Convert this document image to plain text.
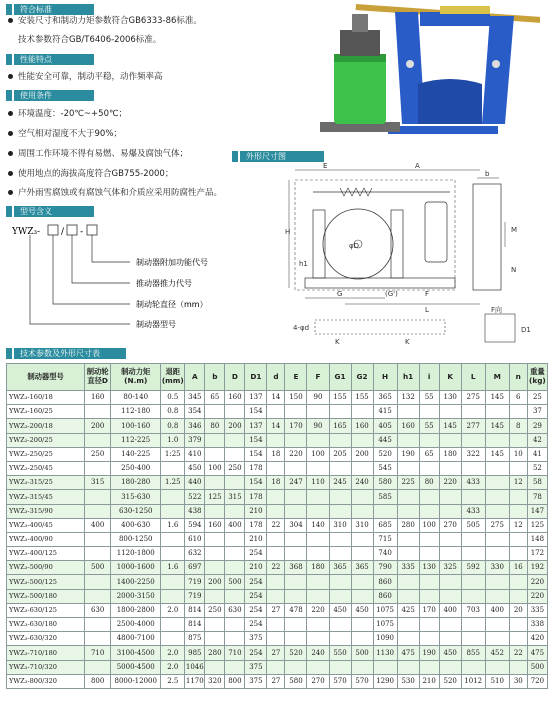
符合标准
安装尺寸和制动力矩参数符合GB6333-86标准。
技术参数符合GB/T6406-2006标准。
性能特点
性能安全可靠，制动平稳，动作频率高
使用条件
环境温度：-20℃~+50℃；
空气相对湿度不大于90%；
周围工作环境不得有易燃、易爆及腐蚀气体；
使用地点的海拔高度符合GB755-2000；
户外雨雪腐蚀或有腐蚀气体和介质应采用防腐性产品。
型号含义
YWZ₃- / -
制动器附加功能代号
推动器推力代号
制动轮直径（mm）
制动器型号
外形尺寸图
E	A
φD
H
h1
G	(G')	F
L
b
M
N
4-φd
K	K
F向
D1
技术参数及外形尺寸表
制动器型号	制动轮直径D	制动力矩(N.m)	退距(mm)	A	b	D	D1	d	E	F	G1	G2	H	h1	i	K	L	M	n	重量(kg)
YWZ₃-160/18	160	80-140	0.5	345	65	160	137	14	150	90	155	155	365	132	55	130	275	145	6	25
YWZ₃-160/25		112-180	0.8	354			154						415							37
YWZ₃-200/18	200	100-160	0.8	346	80	200	137	14	170	90	165	160	405	160	55	145	277	145	8	29
YWZ₃-200/25		112-225	1.0	379			154						445							42
YWZ₃-250/25	250	140-225	1:25	410			154	18	220	100	205	200	520	190	65	180	322	145	10	41
YWZ₃-250/45		250-400		450	100	250	178						545							52
YWZ₃-315/25	315	180-280	1.25	440			154	18	247	110	245	240	580	225	80	220	433		12	58
YWZ₃-315/45		315-630		522	125	315	178						585							78
YWZ₃-315/90		630-1250		438			210										433			147
YWZ₃-400/45	400	400-630	1.6	594	160	400	178	22	304	140	310	310	685	280	100	270	505	275	12	125
YWZ₃-400/90		800-1250		610			210						715							148
YWZ₃-400/125		1120-1800		632			254						740							172
YWZ₃-500/90	500	1000-1600	1.6	697			210	22	368	180	365	365	790	335	130	325	592	330	16	192
YWZ₃-500/125		1400-2250		719	200	500	254						860							220
YWZ₃-500/180		2000-3150		719			254						860							220
YWZ₃-630/125	630	1800-2800	2.0	814	250	630	254	27	478	220	450	450	1075	425	170	400	703	400	20	335
YWZ₃-630/180		2500-4000		814			254						1075							338
YWZ₃-630/320		4800-7100		875			375						1090							420
YWZ₃-710/180	710	3100-4500	2.0	985	280	710	254	27	520	240	550	500	1130	475	190	450	855	452	22	475
YWZ₃-710/320		5000-4500	2.0	1046			375													500
YWZ₃-800/320	800	8000-12000	2.5	1170	320	800	375	27	580	270	570	570	1290	530	210	520	1012	510	30	720
